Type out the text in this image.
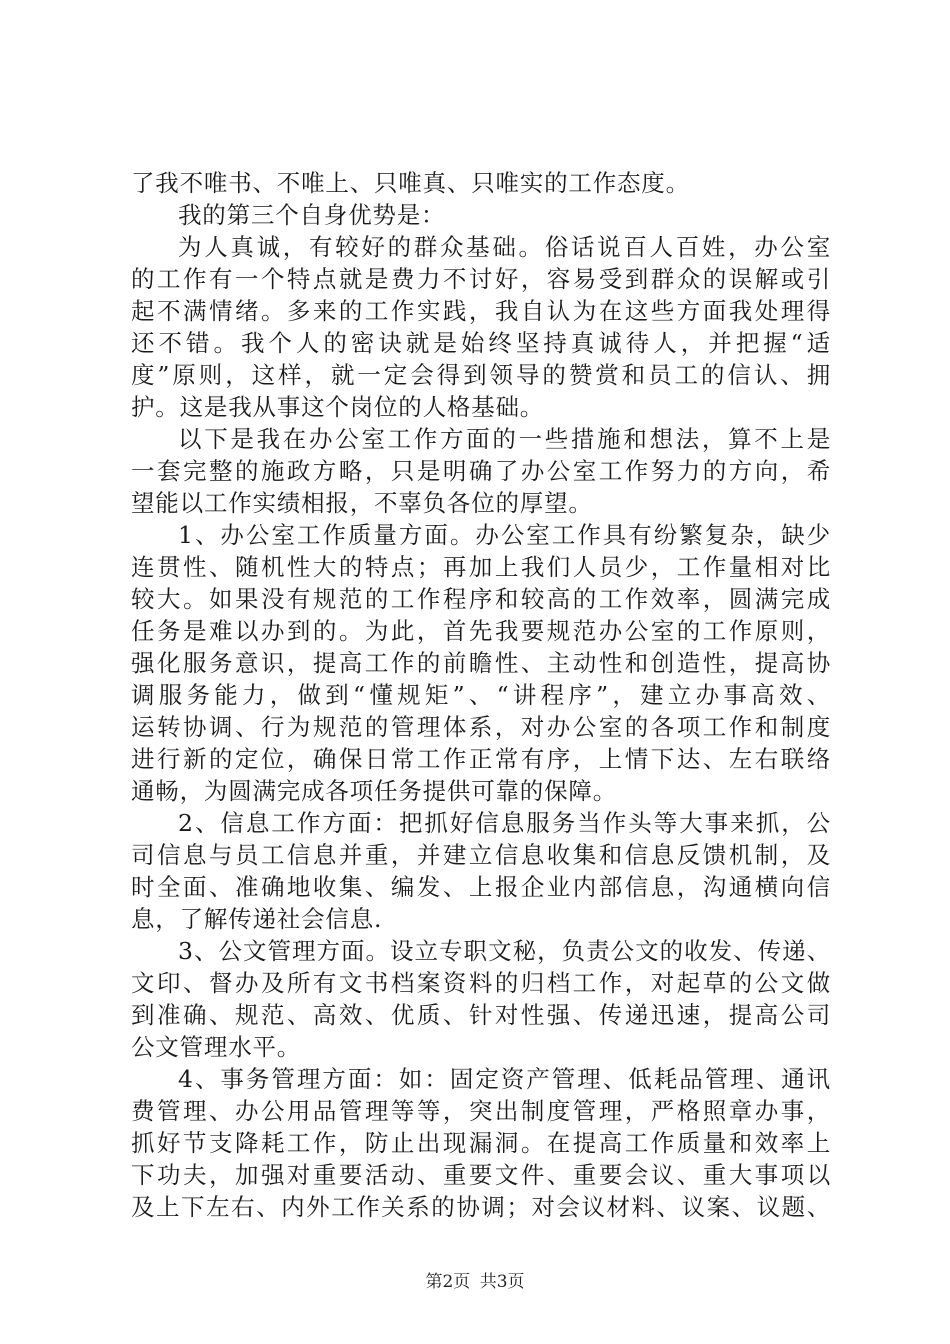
了我不唯书、不唯上、只唯真、只唯实的工作态度。
我的第三个自身优势是：
为人真诚，有较好的群众基础。俗话说百人百姓，办公室
的工作有一个特点就是费力不讨好，容易受到群众的误解或引
起不满情绪。多来的工作实践，我自认为在这些方面我处理得
还不错。我个人的密诀就是始终坚持真诚待人，并把握“适
度”原则，这样，就一定会得到领导的赞赏和员工的信认、拥
护。这是我从事这个岗位的人格基础。
以下是我在办公室工作方面的一些措施和想法，算不上是
一套完整的施政方略，只是明确了办公室工作努力的方向，希
望能以工作实绩相报，不辜负各位的厚望。
1、办公室工作质量方面。办公室工作具有纷繁复杂，缺少
连贯性、随机性大的特点；再加上我们人员少，工作量相对比
较大。如果没有规范的工作程序和较高的工作效率，圆满完成
任务是难以办到的。为此，首先我要规范办公室的工作原则，
强化服务意识，提高工作的前瞻性、主动性和创造性，提高协
调服务能力，做到“懂规矩”、“讲程序”，建立办事高效、
运转协调、行为规范的管理体系，对办公室的各项工作和制度
进行新的定位，确保日常工作正常有序，上情下达、左右联络
通畅，为圆满完成各项任务提供可靠的保障。
2、信息工作方面：把抓好信息服务当作头等大事来抓，公
司信息与员工信息并重，并建立信息收集和信息反馈机制，及
时全面、准确地收集、编发、上报企业内部信息，沟通横向信
息，了解传递社会信息.
3、公文管理方面。设立专职文秘，负责公文的收发、传递、
文印、督办及所有文书档案资料的归档工作，对起草的公文做
到准确、规范、高效、优质、针对性强、传递迅速，提高公司
公文管理水平。
4、事务管理方面：如：固定资产管理、低耗品管理、通讯
费管理、办公用品管理等等，突出制度管理，严格照章办事，
抓好节支降耗工作，防止出现漏洞。在提高工作质量和效率上
下功夫，加强对重要活动、重要文件、重要会议、重大事项以
及上下左右、内外工作关系的协调；对会议材料、议案、议题、
第2页 共3页
